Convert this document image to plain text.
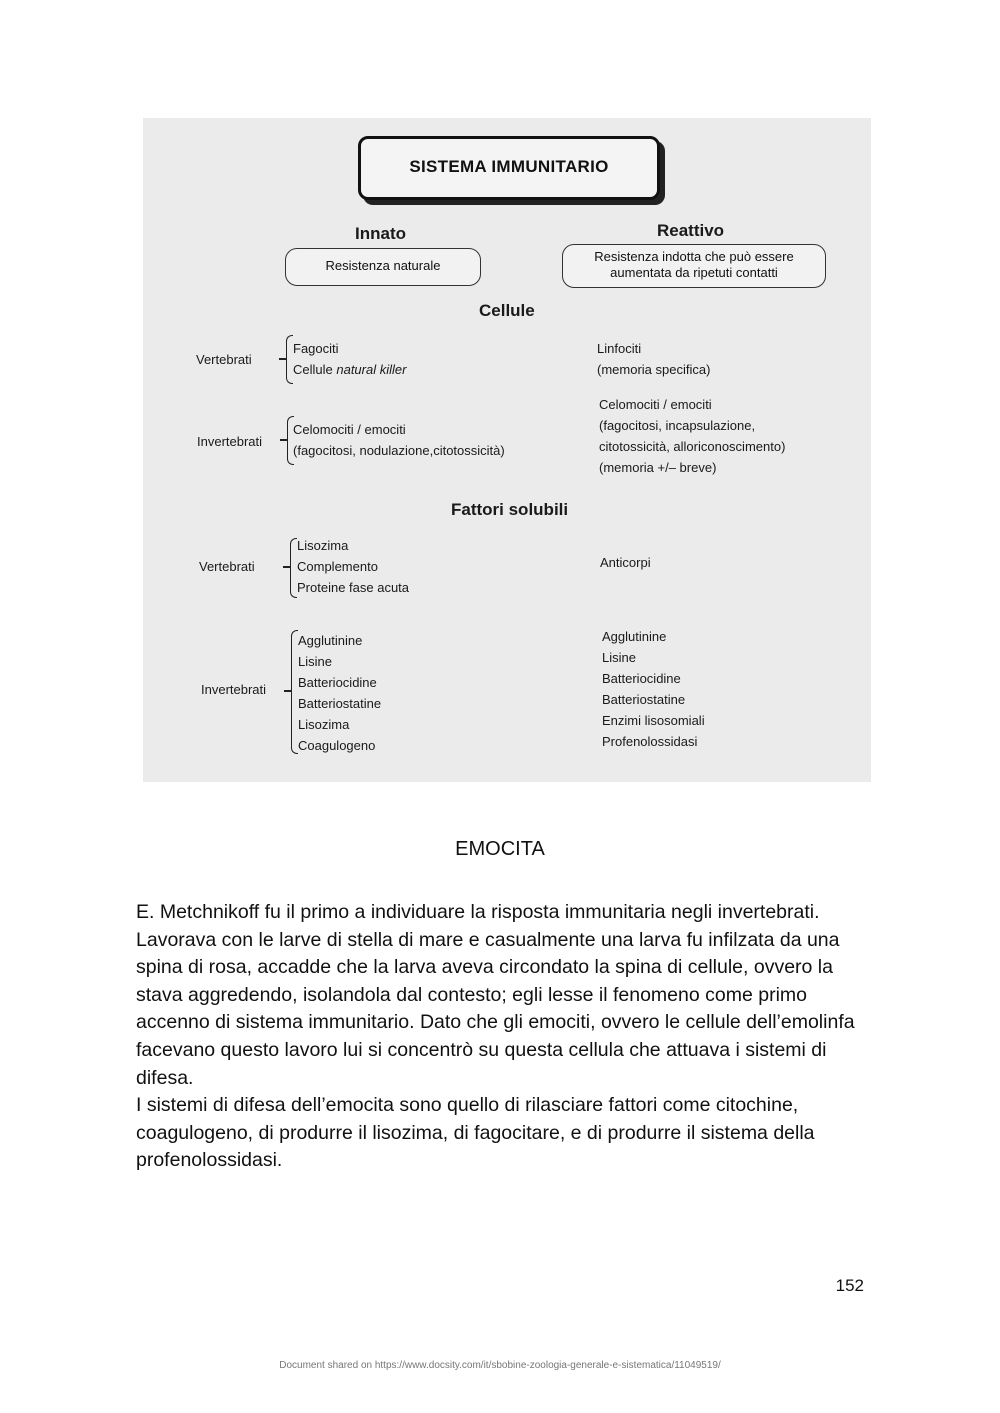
SISTEMA IMMUNITARIO
Innato	Reattivo
Resistenza naturale
Resistenza indotta che può essere
aumentata da ripetuti contatti
Cellule
Vertebrati
Fagociti
Cellule natural killer
Linfociti
(memoria specifica)
Invertebrati
Celomociti / emociti
(fagocitosi, nodulazione,citotossicità)
Celomociti / emociti
(fagocitosi, incapsulazione,
citotossicità, alloriconoscimento)
(memoria +/– breve)
Fattori solubili
Vertebrati
Lisozima
Complemento
Proteine fase acuta
Anticorpi
Invertebrati
Agglutinine
Lisine
Batteriocidine
Batteriostatine
Lisozima
Coagulogeno
Agglutinine
Lisine
Batteriocidine
Batteriostatine
Enzimi lisosomiali
Profenolossidasi
EMOCITA

E. Metchnikoff fu il primo a individuare la risposta immunitaria negli invertebrati. Lavorava con le larve di stella di mare e casualmente una larva fu infilzata da una spina di rosa, accadde che la larva aveva circondato la spina di cellule, ovvero la stava aggredendo, isolandola dal contesto; egli lesse il fenomeno come primo accenno di sistema immunitario. Dato che gli emociti, ovvero le cellule dell’emolinfa facevano questo lavoro lui si concentrò su questa cellula che attuava i sistemi di difesa.

I sistemi di difesa dell’emocita sono quello di rilasciare fattori come citochine, coagulogeno, di produrre il lisozima, di fagocitare, e di produrre il sistema della profenolossidasi.

152
Document shared on https://www.docsity.com/it/sbobine-zoologia-generale-e-sistematica/11049519/
